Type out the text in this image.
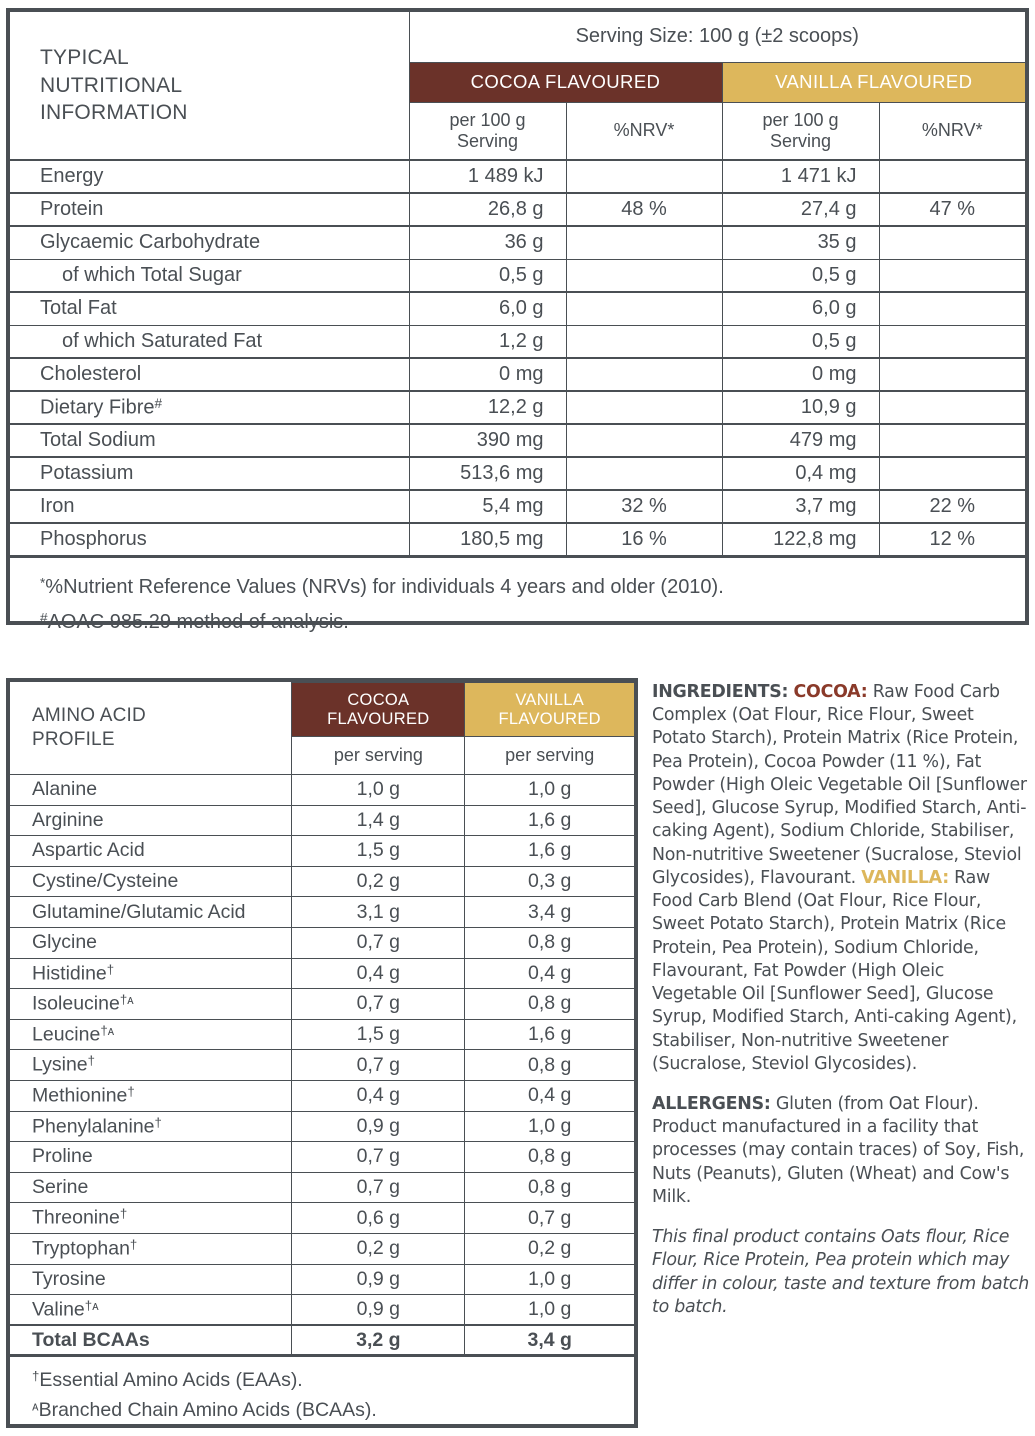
TYPICAL
NUTRITIONAL
INFORMATION	Serving Size: 100 g (±2 scoops)			
	COCOA FLAVOURED		VANILLA FLAVOURED	

per 100 g
Serving
	%NRV*	
per 100 g
Serving
	%NRV*
Energy	1 489 kJ		1 471 kJ	
Protein	26,8 g	48 %	27,4 g	47 %
Glycaemic Carbohydrate	36 g		35 g	
of which Total Sugar	0,5 g		0,5 g	
Total Fat	6,0 g		6,0 g	
of which Saturated Fat	1,2 g		0,5 g	
Cholesterol	0 mg		0 mg	
Dietary Fibre#	12,2 g		10,9 g	
Total Sodium	390 mg		479 mg	
Potassium	513,6 mg		0,4 mg	
Iron	5,4 mg	32 %	3,7 mg	22 %
Phosphorus	180,5 mg	16 %	122,8 mg	12 %

*%Nutrient Reference Values (NRVs) for individuals 4 years and older (2010).
#AOAC 985.29 method of analysis.				
AMINO ACID
PROFILE

COCOA
FLAVOURED

VANILLA
FLAVOURED

	per serving	per serving
Alanine	1,0 g	1,0 g
Arginine	1,4 g	1,6 g
Aspartic Acid	1,5 g	1,6 g
Cystine/Cysteine	0,2 g	0,3 g
Glutamine/Glutamic Acid	3,1 g	3,4 g
Glycine	0,7 g	0,8 g
Histidine†	0,4 g	0,4 g
Isoleucine$^{\dagger ᴀ}$	0,7 g	0,8 g
Leucine$^{\dagger ᴀ}$	1,5 g	1,6 g
Lysine†	0,7 g	0,8 g
Methionine†	0,4 g	0,4 g
Phenylalanine†	0,9 g	1,0 g
Proline	0,7 g	0,8 g
Serine	0,7 g	0,8 g
Threonine†	0,6 g	0,7 g
Tryptophan†	0,2 g	0,2 g
Tyrosine	0,9 g	1,0 g
Valine$^{\dagger ᴀ}$	0,9 g	1,0 g
Total BCAAs	3,2 g	3,4 g

†Essential Amino Acids (EAAs).
$^ᴀ$Branched Chain Amino Acids (BCAAs).		

INGREDIENTS: COCOA: Raw Food Carb Complex (Oat Flour, Rice Flour, Sweet Potato Starch), Protein Matrix (Rice Protein, Pea Protein), Cocoa Powder (11 %), Fat Powder (High Oleic Vegetable Oil [Sunflower Seed], Glucose Syrup, Modified Starch, Anti-caking Agent), Sodium Chloride, Stabiliser, Non-nutritive Sweetener (Sucralose, Steviol Glycosides), Flavourant. VANILLA: Raw Food Carb Blend (Oat Flour, Rice Flour, Sweet Potato Starch), Protein Matrix (Rice Protein, Pea Protein), Sodium Chloride, Flavourant, Fat Powder (High Oleic Vegetable Oil [Sunflower Seed], Glucose Syrup, Modified Starch, Anti-caking Agent), Stabiliser, Non-nutritive Sweetener (Sucralose, Steviol Glycosides).

ALLERGENS: Gluten (from Oat Flour). Product manufactured in a facility that processes (may contain traces) of Soy, Fish, Nuts (Peanuts), Gluten (Wheat) and Cow's Milk.

This final product contains Oats flour, Rice Flour, Rice Protein, Pea protein which may differ in colour, taste and texture from batch to batch.
